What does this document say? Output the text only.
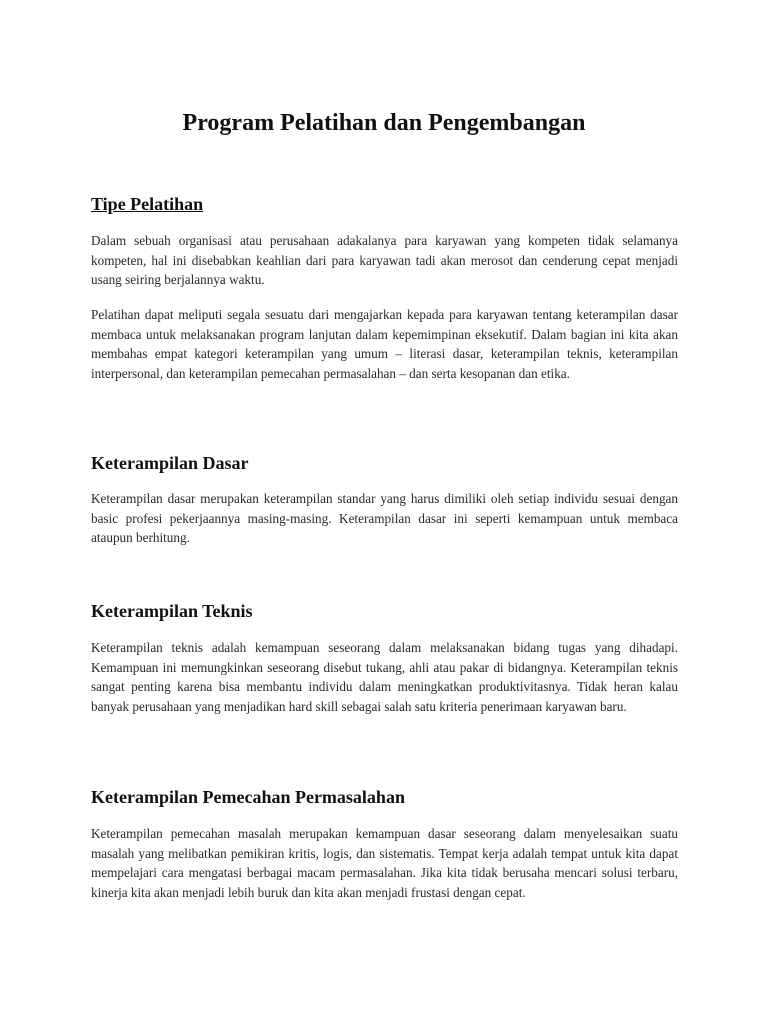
Program Pelatihan dan Pengembangan
Tipe Pelatihan

Dalam sebuah organisasi atau perusahaan adakalanya para karyawan yang kompeten tidak selamanya kompeten, hal ini disebabkan keahlian dari para karyawan tadi akan merosot dan cenderung cepat menjadi usang seiring berjalannya waktu.

Pelatihan dapat meliputi segala sesuatu dari mengajarkan kepada para karyawan tentang keterampilan dasar membaca untuk melaksanakan program lanjutan dalam kepemimpinan eksekutif. Dalam bagian ini kita akan membahas empat kategori keterampilan yang umum – literasi dasar, keterampilan teknis, keterampilan interpersonal, dan keterampilan pemecahan permasalahan – dan serta kesopanan dan etika.

Keterampilan Dasar

Keterampilan dasar merupakan keterampilan standar yang harus dimiliki oleh setiap individu sesuai dengan basic profesi pekerjaannya masing-masing. Keterampilan dasar ini seperti kemampuan untuk membaca ataupun berhitung.

Keterampilan Teknis

Keterampilan teknis adalah kemampuan seseorang dalam melaksanakan bidang tugas yang dihadapi. Kemampuan ini memungkinkan seseorang disebut tukang, ahli atau pakar di bidangnya. Keterampilan teknis sangat penting karena bisa membantu individu dalam meningkatkan produktivitasnya. Tidak heran kalau banyak perusahaan yang menjadikan hard skill sebagai salah satu kriteria penerimaan karyawan baru.

Keterampilan Pemecahan Permasalahan

Keterampilan pemecahan masalah merupakan kemampuan dasar seseorang dalam menyelesaikan suatu masalah yang melibatkan pemikiran kritis, logis, dan sistematis. Tempat kerja adalah tempat untuk kita dapat mempelajari cara mengatasi berbagai macam permasalahan. Jika kita tidak berusaha mencari solusi terbaru, kinerja kita akan menjadi lebih buruk dan kita akan menjadi frustasi dengan cepat.
